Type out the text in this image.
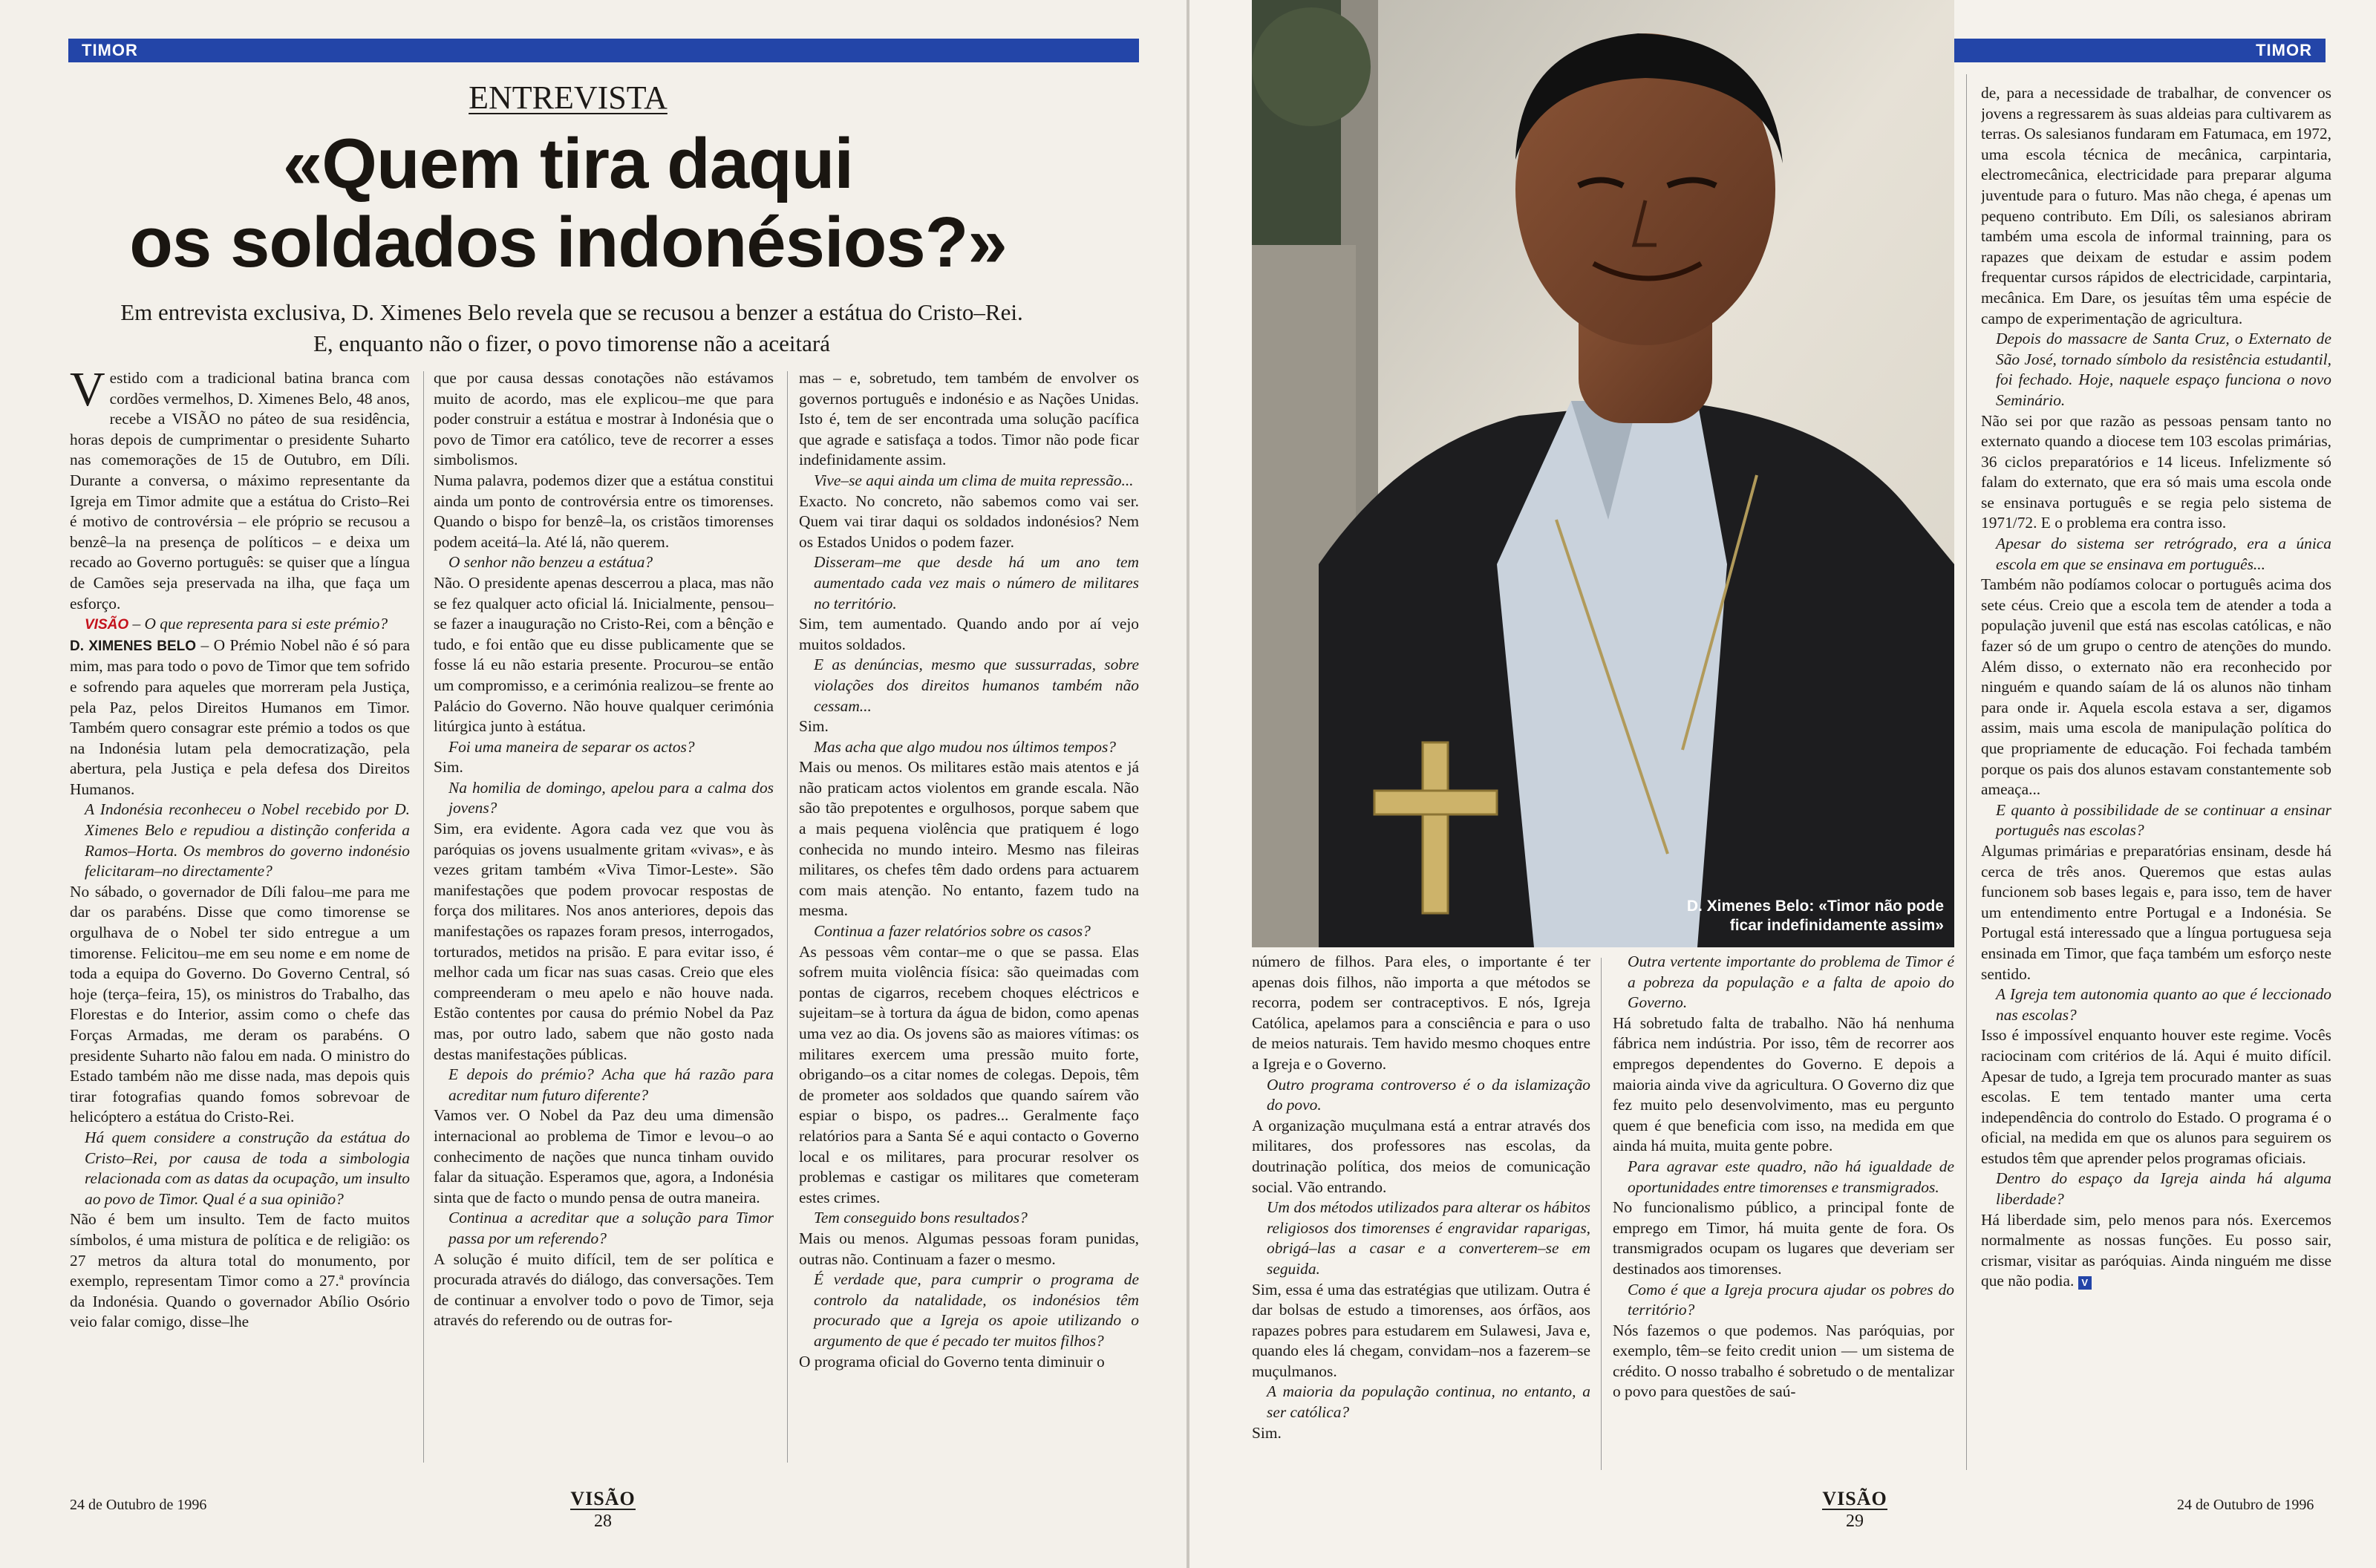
TIMOR
ENTREVISTA
«Quem tira daqui
os soldados indonésios?»
Em entrevista exclusiva, D. Ximenes Belo revela que se recusou a benzer a estátua do Cristo–Rei.
E, enquanto não o fizer, o povo timorense não a aceitará

Vestido com a tradicional batina branca com cordões vermelhos, D. Ximenes Belo, 48 anos, recebe a VISÃO no páteo de sua residência, horas depois de cumprimentar o presidente Suharto nas comemorações de 15 de Outubro, em Díli. Durante a conversa, o máximo representante da Igreja em Timor admite que a estátua do Cristo–Rei é motivo de controvérsia – ele próprio se recusou a benzê–la na presença de políticos – e deixa um recado ao Governo português: se quiser que a língua de Camões seja preservada na ilha, que faça um esforço.

VISÃO – O que representa para si este prémio?

D. XIMENES BELO – O Prémio Nobel não é só para mim, mas para todo o povo de Timor que tem sofrido e sofrendo para aqueles que morreram pela Justiça, pela Paz, pelos Direitos Humanos em Timor. Também quero consagrar este prémio a todos os que na Indonésia lutam pela democratização, pela abertura, pela Justiça e pela defesa dos Direitos Humanos.

A Indonésia reconheceu o Nobel recebido por D. Ximenes Belo e repudiou a distinção conferida a Ramos–Horta. Os membros do governo indonésio felicitaram–no directamente?

No sábado, o governador de Díli falou–me para me dar os parabéns. Disse que como timorense se orgulhava de o Nobel ter sido entregue a um timorense. Felicitou–me em seu nome e em nome de toda a equipa do Governo. Do Governo Central, só hoje (terça–feira, 15), os ministros do Trabalho, das Florestas e do Interior, assim como o chefe das Forças Armadas, me deram os parabéns. O presidente Suharto não falou em nada. O ministro do Estado também não me disse nada, mas depois quis tirar fotografias quando fomos sobrevoar de helicóptero a estátua do Cristo-Rei.

Há quem considere a construção da estátua do Cristo–Rei, por causa de toda a simbologia relacionada com as datas da ocupação, um insulto ao povo de Timor. Qual é a sua opinião?

Não é bem um insulto. Tem de facto muitos símbolos, é uma mistura de política e de religião: os 27 metros da altura total do monumento, por exemplo, representam Timor como a 27.ª província da Indonésia. Quando o governador Abílio Osório veio falar comigo, disse–lhe

que por causa dessas conotações não estávamos muito de acordo, mas ele explicou–me que para poder construir a estátua e mostrar à Indonésia que o povo de Timor era católico, teve de recorrer a esses simbolismos.

Numa palavra, podemos dizer que a estátua constitui ainda um ponto de controvérsia entre os timorenses. Quando o bispo for benzê–la, os cristãos timorenses podem aceitá–la. Até lá, não querem.

O senhor não benzeu a estátua?

Não. O presidente apenas descerrou a placa, mas não se fez qualquer acto oficial lá. Inicialmente, pensou–se fazer a inauguração no Cristo-Rei, com a bênção e tudo, e foi então que eu disse publicamente que se fosse lá eu não estaria presente. Procurou–se então um compromisso, e a cerimónia realizou–se frente ao Palácio do Governo. Não houve qualquer cerimónia litúrgica junto à estátua.

Foi uma maneira de separar os actos?

Sim.

Na homilia de domingo, apelou para a calma dos jovens?

Sim, era evidente. Agora cada vez que vou às paróquias os jovens usualmente gritam «vivas», e às vezes gritam também «Viva Timor-Leste». São manifestações que podem provocar respostas de força dos militares. Nos anos anteriores, depois das manifestações os rapazes foram presos, interrogados, torturados, metidos na prisão. E para evitar isso, é melhor cada um ficar nas suas casas. Creio que eles compreenderam o meu apelo e não houve nada. Estão contentes por causa do prémio Nobel da Paz mas, por outro lado, sabem que não gosto nada destas manifestações públicas.

E depois do prémio? Acha que há razão para acreditar num futuro diferente?

Vamos ver. O Nobel da Paz deu uma dimensão internacional ao problema de Timor e levou–o ao conhecimento de nações que nunca tinham ouvido falar da situação. Esperamos que, agora, a Indonésia sinta que de facto o mundo pensa de outra maneira.

Continua a acreditar que a solução para Timor passa por um referendo?

A solução é muito difícil, tem de ser política e procurada através do diálogo, das conversações. Tem de continuar a envolver todo o povo de Timor, seja através do referendo ou de outras for-

mas – e, sobretudo, tem também de envolver os governos português e indonésio e as Nações Unidas. Isto é, tem de ser encontrada uma solução pacífica que agrade e satisfaça a todos. Timor não pode ficar indefinidamente assim.

Vive–se aqui ainda um clima de muita repressão...

Exacto. No concreto, não sabemos como vai ser. Quem vai tirar daqui os soldados indonésios? Nem os Estados Unidos o podem fazer.

Disseram–me que desde há um ano tem aumentado cada vez mais o número de militares no território.

Sim, tem aumentado. Quando ando por aí vejo muitos soldados.

E as denúncias, mesmo que sussurradas, sobre violações dos direitos humanos também não cessam...

Sim.

Mas acha que algo mudou nos últimos tempos?

Mais ou menos. Os militares estão mais atentos e já não praticam actos violentos em grande escala. Não são tão prepotentes e orgulhosos, porque sabem que a mais pequena violência que pratiquem é logo conhecida no mundo inteiro. Mesmo nas fileiras militares, os chefes têm dado ordens para actuarem com mais atenção. No entanto, fazem tudo na mesma.

Continua a fazer relatórios sobre os casos?

As pessoas vêm contar–me o que se passa. Elas sofrem muita violência física: são queimadas com pontas de cigarros, recebem choques eléctricos e sujeitam–se à tortura da água de bidon, como apenas uma vez ao dia. Os jovens são as maiores vítimas: os militares exercem uma pressão muito forte, obrigando–os a citar nomes de colegas. Depois, têm de prometer aos soldados que quando saírem vão espiar o bispo, os padres... Geralmente faço relatórios para a Santa Sé e aqui contacto o Governo local e os militares, para procurar resolver os problemas e castigar os militares que cometeram estes crimes.

Tem conseguido bons resultados?

Mais ou menos. Algumas pessoas foram punidas, outras não. Continuam a fazer o mesmo.

É verdade que, para cumprir o programa de controlo da natalidade, os indonésios têm procurado que a Igreja os apoie utilizando o argumento de que é pecado ter muitos filhos?

O programa oficial do Governo tenta diminuir o

24 de Outubro de 1996	VISÃO
28
D. Ximenes Belo: «Timor não pode
ficar indefinidamente assim»
TIMOR

número de filhos. Para eles, o importante é ter apenas dois filhos, não importa a que métodos se recorra, podem ser contraceptivos. E nós, Igreja Católica, apelamos para a consciência e para o uso de meios naturais. Tem havido mesmo choques entre a Igreja e o Governo.

Outro programa controverso é o da islamização do povo.

A organização muçulmana está a entrar através dos militares, dos professores nas escolas, da doutrinação política, dos meios de comunicação social. Vão entrando.

Um dos métodos utilizados para alterar os hábitos religiosos dos timorenses é engravidar raparigas, obrigá–las a casar e a converterem–se em seguida.

Sim, essa é uma das estratégias que utilizam. Outra é dar bolsas de estudo a timorenses, aos órfãos, aos rapazes pobres para estudarem em Sulawesi, Java e, quando eles lá chegam, convidam–nos a fazerem–se muçulmanos.

A maioria da população continua, no entanto, a ser católica?

Sim.

Outra vertente importante do problema de Timor é a pobreza da população e a falta de apoio do Governo.

Há sobretudo falta de trabalho. Não há nenhuma fábrica nem indústria. Por isso, têm de recorrer aos empregos dependentes do Governo. E depois a maioria ainda vive da agricultura. O Governo diz que fez muito pelo desenvolvimento, mas eu pergunto quem é que beneficia com isso, na medida em que ainda há muita, muita gente pobre.

Para agravar este quadro, não há igualdade de oportunidades entre timorenses e transmigrados.

No funcionalismo público, a principal fonte de emprego em Timor, há muita gente de fora. Os transmigrados ocupam os lugares que deveriam ser destinados aos timorenses.

Como é que a Igreja procura ajudar os pobres do território?

Nós fazemos o que podemos. Nas paróquias, por exemplo, têm–se feito credit union — um sistema de crédito. O nosso trabalho é sobretudo o de mentalizar o povo para questões de saú-

de, para a necessidade de trabalhar, de convencer os jovens a regressarem às suas aldeias para cultivarem as terras. Os salesianos fundaram em Fatumaca, em 1972, uma escola técnica de mecânica, carpintaria, electromecânica, electricidade para preparar alguma juventude para o futuro. Mas não chega, é apenas um pequeno contributo. Em Díli, os salesianos abriram também uma escola de informal trainning, para os rapazes que deixam de estudar e assim podem frequentar cursos rápidos de electricidade, carpintaria, mecânica. Em Dare, os jesuítas têm uma espécie de campo de experimentação de agricultura.

Depois do massacre de Santa Cruz, o Externato de São José, tornado símbolo da resistência estudantil, foi fechado. Hoje, naquele espaço funciona o novo Seminário.

Não sei por que razão as pessoas pensam tanto no externato quando a diocese tem 103 escolas primárias, 36 ciclos preparatórios e 14 liceus. Infelizmente só falam do externato, que era só mais uma escola onde se ensinava português e se regia pelo sistema de 1971/72. E o problema era contra isso.

Apesar do sistema ser retrógrado, era a única escola em que se ensinava em português...

Também não podíamos colocar o português acima dos sete céus. Creio que a escola tem de atender a toda a população juvenil que está nas escolas católicas, e não fazer só de um grupo o centro de atenções do mundo. Além disso, o externato não era reconhecido por ninguém e quando saíam de lá os alunos não tinham para onde ir. Aquela escola estava a ser, digamos assim, mais uma escola de manipulação política do que propriamente de educação. Foi fechada também porque os pais dos alunos estavam constantemente sob ameaça...

E quanto à possibilidade de se continuar a ensinar português nas escolas?

Algumas primárias e preparatórias ensinam, desde há cerca de três anos. Queremos que estas aulas funcionem sob bases legais e, para isso, tem de haver um entendimento entre Portugal e a Indonésia. Se Portugal está interessado que a língua portuguesa seja ensinada em Timor, que faça também um esforço neste sentido.

A Igreja tem autonomia quanto ao que é leccionado nas escolas?

Isso é impossível enquanto houver este regime. Vocês raciocinam com critérios de lá. Aqui é muito difícil. Apesar de tudo, a Igreja tem procurado manter as suas escolas. E tem tentado manter uma certa independência do controlo do Estado. O programa é o oficial, na medida em que os alunos para seguirem os estudos têm que aprender pelos programas oficiais.

Dentro do espaço da Igreja ainda há alguma liberdade?

Há liberdade sim, pelo menos para nós. Exercemos normalmente as nossas funções. Eu posso sair, crismar, visitar as paróquias. Ainda ninguém me disse que não podia. V

VISÃO
29
24 de Outubro de 1996
